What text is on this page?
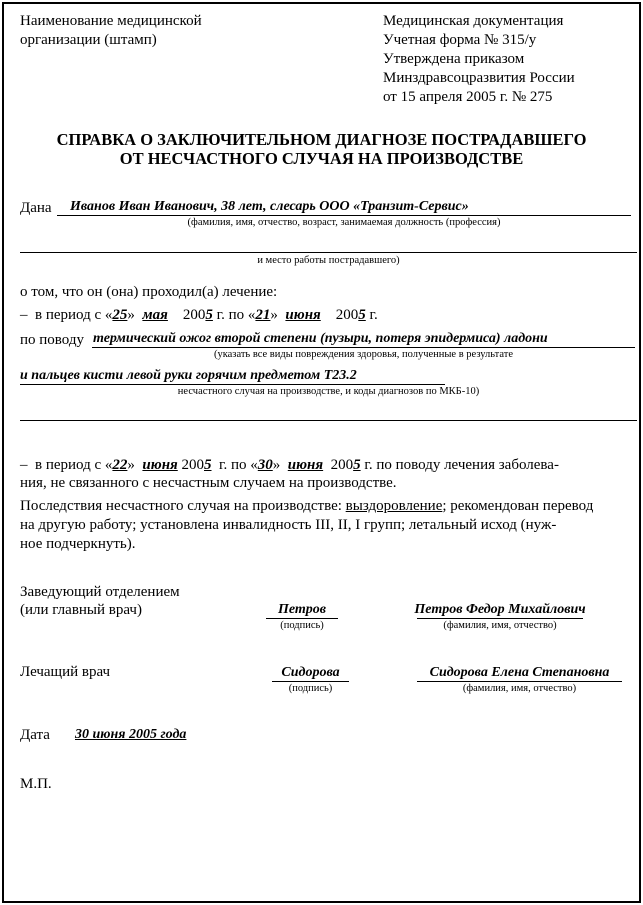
Наименование медицинской
организации (штамп)
Медицинская документация
Учетная форма № 315/у
Утверждена приказом
Минздравсоцразвития России
от 15 апреля 2005 г. № 275
СПРАВКА О ЗАКЛЮЧИТЕЛЬНОМ ДИАГНОЗЕ ПОСТРАДАВШЕГО
ОТ НЕСЧАСТНОГО СЛУЧАЯ НА ПРОИЗВОДСТВЕ
Дана Иванов Иван Иванович, 38 лет, слесарь ООО «Транзит-Сервис»
(фамилия, имя, отчество, возраст, занимаемая должность (профессия)
и место работы пострадавшего)
о том, что он (она) проходил(а) лечение:
– в период с «25» мая 2005 г. по «21» июня 2005 г.
по поводу термический ожог второй степени (пузыри, потеря эпидермиса) ладони
(указать все виды повреждения здоровья, полученные в результате
и пальцев кисти левой руки горячим предметом Т23.2
несчастного случая на производстве, и коды диагнозов по МКБ-10)
– в период с «22» июня 2005 г. по «30» июня 2005 г. по поводу лечения заболева-
ния, не связанного с несчастным случаем на производстве.
Последствия несчастного случая на производстве: выздоровление; рекомендован перевод
на другую работу; установлена инвалидность III, II, I групп; летальный исход (нуж-
ное подчеркнуть).
Заведующий отделением
(или главный врач)	Петров
(подпись)
Петров Федор Михайлович
(фамилия, имя, отчество)
Лечащий врач	Сидорова
(подпись)
Сидорова Елена Степановна
(фамилия, имя, отчество)
Дата 30 июня 2005 года
М.П.
